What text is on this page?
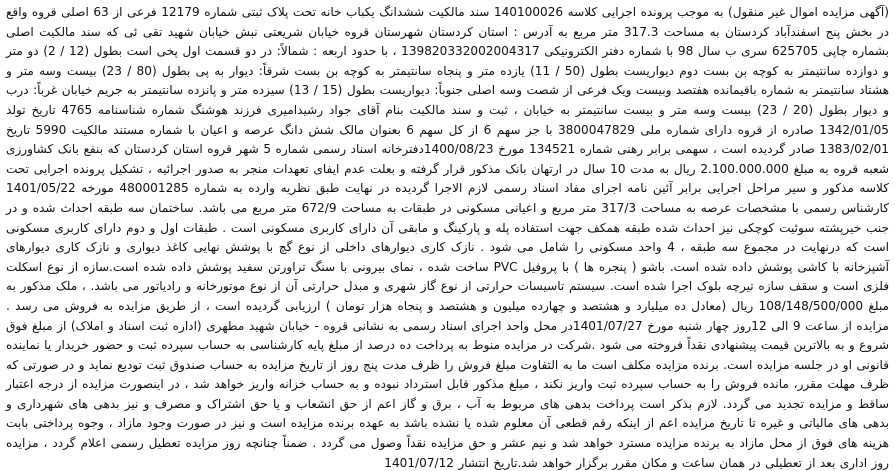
(آگهی مزایده اموال غیر منقول) به موجب پرونده اجرایی کلاسه 140100026 سند مالکیت ششدانگ یکباب خانه تحت پلاک ثبتی شماره 12179 فرعی از 63 اصلی قروه واقع در بخش پنج اسفندآباد کردستان به مساحت 317.3 متر مربع به آدرس : استان کردستان شهرستان قروه خیابان شریعتی نبش خیابان شهید تقی ئی که سند مالکیت اصلی بشماره چاپی 625705 سری ب سال 98 با شماره دفتر الکترونیکی 139820332002004317 ، با حدود اربعه : شمالاً: در دو قسمت اول پخی است بطول (12 / 2) دو متر و دوازده سانتیمتر به کوچه بن بست دوم دیواریست بطول (50 / 11) یازده متر و پنجاه سانتیمتر به کوچه بن بست شرقاً: دیوار به پی بطول (80 / 23) بیست وسه متر و هشتاد سانتیمتر به شماره باقیمانده هفتصد وبیست ویک فرعی از شصت وسه اصلی جنوباً: دیواریست بطول (15 / 13) سیزده متر و پانزده سانتیمتر به جریم خیابان غرباً: درب و دیوار بطول (20 / 23) بیست وسه متر و بیست سانتیمتر به خیابان ، ثبت و سند مالکیت بنام آقای جواد رشیدامیری فرزند هوشنگ شماره شناسنامه 4765 تاریخ تولد 1342/01/05 صادره از قروه دارای شماره ملی 3800047829 با جز سهم 6 از کل سهم 6 بعنوان مالک شش دانگ عرصه و اعیان با شماره مستند مالکیت 5990 تاریخ 1383/02/01 صادر گردیده است ، سهمی برابر رهنی شماره 134521 مورخ 1400/08/23دفترخانه اسناد رسمی شماره 5 شهر قروه استان کردستان که بنفع بانک کشاورزی شعبه قروه به مبلغ 2.100.000.000 ریال به مدت 10 سال در ارتهان بانک مذکور قرار گرفته و بعلت عدم ایفای تعهدات منجر به صدور اجرائیه ، تشکیل پرونده اجرایی تحت کلاسه مذکور و سیر مراحل اجرایی برابر آئین نامه اجرای مفاد اسناد رسمی لازم الاجرا گردیده در نهایت طبق نظریه وارده به شماره 480001285 مورخه 1401/05/22 کارشناس رسمی با مشخصات عرصه به مساحت 317/3 متر مربع و اعیانی مسکونی در طبقات به مساحت 672/9 متر مربع می باشد. ساختمان سه طبقه احداث شده و در جنب خیرپشته سوئیت کوچکی نیز احداث شده طبقه همکف جهت استفاده پله و پارکینگ و مابقی آن دارای کاربری مسکونی است . طبقات اول و دوم دارای کاربری مسکونی است که درنهایت در مجموع سه طبقه ، 4 واحد مسکونی را شامل می شود . نازک کاری دیوارهای داخلی از نوع گچ با پوشش نهایی کاغذ دیواری و نازک کاری دیوارهای آشپزخانه با کاشی پوشش داده شده است. باشو ( پنجره ها ) با پروفیل PVC ساخت شده ، نمای بیرونی با سنگ تراورتن سفید پوشش داده شده است.سازه از نوع اسکلت فلزی است و سقف سازه تیرچه بلوک اجرا شده است. سیستم تاسیسات حرارتی از نوع گاز شهری و مبدل حرارتی آن از نوع موتورخانه و رادیاتور می باشد. ، ملک مذکور به مبلغ 108/148/500/000 ریال (معادل ده میلیارد و هشتصد و چهارده میلیون و هشتصد و پنجاه هزار تومان ) ارزیابی گردیده است ، از طریق مزایده به فروش می رسد . مزایده از ساعت 9 الی 12روز چهار شنبه مورخ 1401/07/27در محل واحد اجرای اسناد رسمی به نشانی قروه - خیابان شهید مطهری (اداره ثبت اسناد و املاک) از مبلغ فوق شروع و به بالاترین قیمت پیشنهادی نقداً فروخته می شود .شرکت در مزایده منوط به پرداخت ده درصد از مبلغ پایه کارشناسی به حساب سپرده ثبت و حضور خریدار یا نماینده قانونی او در جلسه مزایده است. برنده مزایده مکلف است ما به التفاوت مبلغ فروش را ظرف مدت پنج روز از تاریخ مزایده به حساب صندوق ثبت تودیع نماید و در صورتی که ظرف مهلت مقرر، مانده فروش را به حساب سپرده ثبت واریز نکند ، مبلغ مذکور قابل استرداد نبوده و به حساب خزانه واریز خواهد شد ، در اینصورت مزایده از درجه اعتبار ساقط و مزایده تجدید می گردد. لازم بذکر است پرداخت بدهی های مربوط به آب ، برق و گاز اعم از حق انشعاب و یا حق اشتراک و مصرف و نیز بدهی های شهرداری و بدهی های مالیاتی و غیره تا تاریخ مزایده اعم از اینکه رقم قطعی آن معلوم شده یا نشده باشد به عهده برنده مزایده است و نیز در صورت وجود مازاد ، وجوه پرداختی بابت هزینه های فوق از محل مازاد به برنده مزایده مسترد خواهد شد و نیم عشر و حق مزایده نقداً وصول می گردد . ضمناً چنانچه روز مزایده تعطیل رسمی اعلام گردد ، مزایده روز اداری بعد از تعطیلی در همان ساعت و مکان مقرر برگزار خواهد شد.تاریخ انتشار 1401/07/12
